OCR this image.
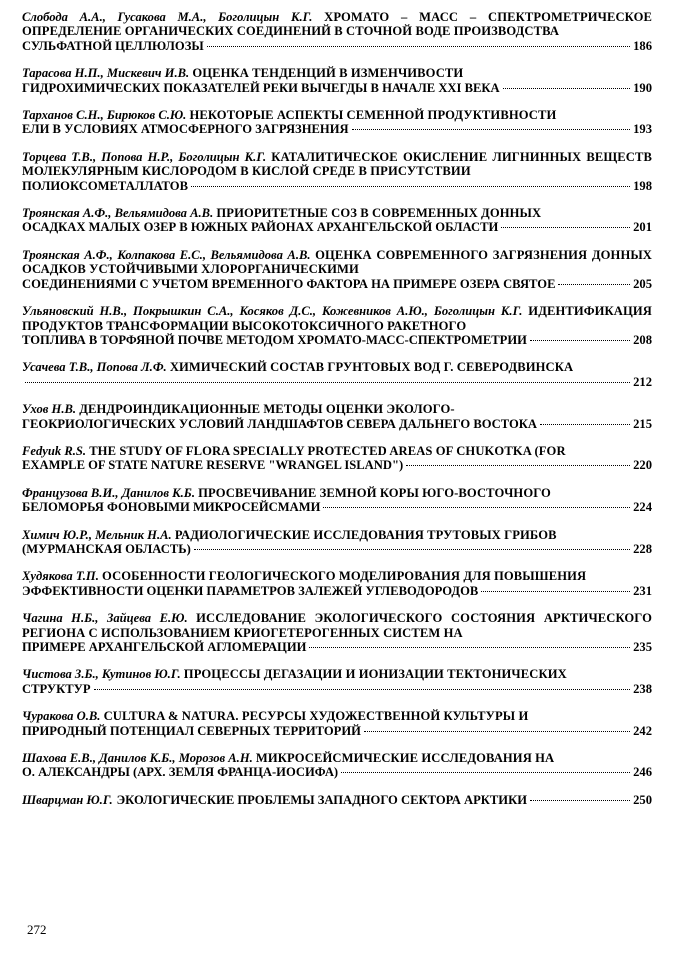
Слобода А.А., Гусакова М.А., Боголицын К.Г. ХРОМАТО – МАСС – СПЕКТРОМЕТРИЧЕСКОЕ ОПРЕДЕЛЕНИЕ ОРГАНИЧЕСКИХ СОЕДИНЕНИЙ В СТОЧНОЙ ВОДЕ ПРОИЗВОДСТВА
СУЛЬФАТНОЙ ЦЕЛЛЮЛОЗЫ	186
Тарасова Н.П., Мискевич И.В. ОЦЕНКА ТЕНДЕНЦИЙ В ИЗМЕНЧИВОСТИ
ГИДРОХИМИЧЕСКИХ ПОКАЗАТЕЛЕЙ РЕКИ ВЫЧЕГДЫ В НАЧАЛЕ XXI ВЕКА	190
Тарханов С.Н., Бирюков С.Ю. НЕКОТОРЫЕ АСПЕКТЫ СЕМЕННОЙ ПРОДУКТИВНОСТИ
ЕЛИ В УСЛОВИЯХ АТМОСФЕРНОГО ЗАГРЯЗНЕНИЯ	193
Торцева Т.В., Попова Н.Р., Боголицын К.Г. КАТАЛИТИЧЕСКОЕ ОКИСЛЕНИЕ ЛИГНИННЫХ ВЕЩЕСТВ МОЛЕКУЛЯРНЫМ КИСЛОРОДОМ В КИСЛОЙ СРЕДЕ В ПРИСУТСТВИИ
ПОЛИОКСОМЕТАЛЛАТОВ	198
Троянская А.Ф., Вельямидова А.В. ПРИОРИТЕТНЫЕ СОЗ В СОВРЕМЕННЫХ ДОННЫХ
ОСАДКАХ МАЛЫХ ОЗЕР В ЮЖНЫХ РАЙОНАХ АРХАНГЕЛЬСКОЙ ОБЛАСТИ	201
Троянская А.Ф., Колпакова Е.С., Вельямидова А.В. ОЦЕНКА СОВРЕМЕННОГО ЗАГРЯЗНЕНИЯ ДОННЫХ ОСАДКОВ УСТОЙЧИВЫМИ ХЛОРОРГАНИЧЕСКИМИ
СОЕДИНЕНИЯМИ С УЧЕТОМ ВРЕМЕННОГО ФАКТОРА НА ПРИМЕРЕ ОЗЕРА СВЯТОЕ	205
Ульяновский Н.В., Покрышкин С.А., Косяков Д.С., Кожевников А.Ю., Боголицын К.Г. ИДЕНТИФИКАЦИЯ ПРОДУКТОВ ТРАНСФОРМАЦИИ ВЫСОКОТОКСИЧНОГО РАКЕТНОГО
ТОПЛИВА В ТОРФЯНОЙ ПОЧВЕ МЕТОДОМ ХРОМАТО-МАСС-СПЕКТРОМЕТРИИ	208
Усачева Т.В., Попова Л.Ф. ХИМИЧЕСКИЙ СОСТАВ ГРУНТОВЫХ ВОД Г. СЕВЕРОДВИНСКА
212
Ухов Н.В. ДЕНДРОИНДИКАЦИОННЫЕ МЕТОДЫ ОЦЕНКИ ЭКОЛОГО-
ГЕОКРИОЛОГИЧЕСКИХ УСЛОВИЙ ЛАНДШАФТОВ СЕВЕРА ДАЛЬНЕГО ВОСТОКА	215
Fedyuk R.S. THE STUDY OF FLORA SPECIALLY PROTECTED AREAS OF CHUKOTKA (FOR
EXAMPLE OF STATE NATURE RESERVE "WRANGEL ISLAND")	220
Французова В.И., Данилов К.Б. ПРОСВЕЧИВАНИЕ ЗЕМНОЙ КОРЫ ЮГО-ВОСТОЧНОГО
БЕЛОМОРЬЯ ФОНОВЫМИ МИКРОСЕЙСМАМИ	224
Химич Ю.Р., Мельник Н.А. РАДИОЛОГИЧЕСКИЕ ИССЛЕДОВАНИЯ ТРУТОВЫХ ГРИБОВ
(МУРМАНСКАЯ ОБЛАСТЬ)	228
Худякова Т.П. ОСОБЕННОСТИ ГЕОЛОГИЧЕСКОГО МОДЕЛИРОВАНИЯ ДЛЯ ПОВЫШЕНИЯ
ЭФФЕКТИВНОСТИ ОЦЕНКИ ПАРАМЕТРОВ ЗАЛЕЖЕЙ УГЛЕВОДОРОДОВ	231
Чагина Н.Б., Зайцева Е.Ю. ИССЛЕДОВАНИЕ ЭКОЛОГИЧЕСКОГО СОСТОЯНИЯ АРКТИЧЕСКОГО РЕГИОНА С ИСПОЛЬЗОВАНИЕМ КРИОГЕТЕРОГЕННЫХ СИСТЕМ НА
ПРИМЕРЕ АРХАНГЕЛЬСКОЙ АГЛОМЕРАЦИИ	235
Чистова З.Б., Кутинов Ю.Г. ПРОЦЕССЫ ДЕГАЗАЦИИ И ИОНИЗАЦИИ ТЕКТОНИЧЕСКИХ
СТРУКТУР	238
Чуракова О.В. CULTURA & NATURA. РЕСУРСЫ ХУДОЖЕСТВЕННОЙ КУЛЬТУРЫ И
ПРИРОДНЫЙ ПОТЕНЦИАЛ СЕВЕРНЫХ ТЕРРИТОРИЙ	242
Шахова Е.В., Данилов К.Б., Морозов А.Н. МИКРОСЕЙСМИЧЕСКИЕ ИССЛЕДОВАНИЯ НА
О. АЛЕКСАНДРЫ (АРХ. ЗЕМЛЯ ФРАНЦА-ИОСИФА)	246
Шварцман Ю.Г. ЭКОЛОГИЧЕСКИЕ ПРОБЛЕМЫ ЗАПАДНОГО СЕКТОРА АРКТИКИ	250
272
